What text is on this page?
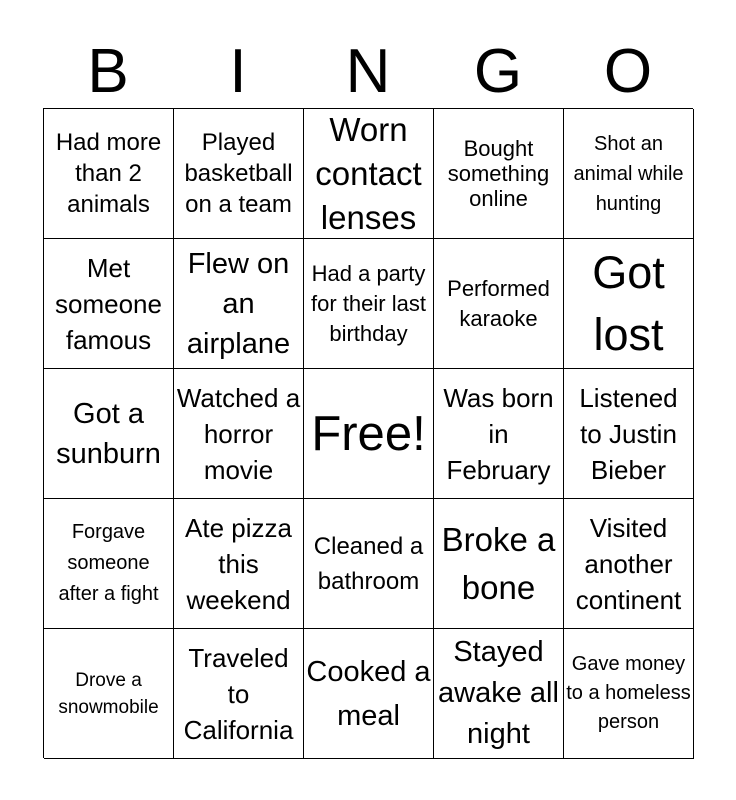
B	I	N	G	O
Had more than 2 animals
Played basketball on a team
Worn contact lenses
Bought something online
Shot an animal while hunting
Met someone famous
Flew on an airplane
Had a party for their last birthday
Performed karaoke
Got lost
Got a sunburn
Watched a horror movie
Free!
Was born in February
Listened to Justin Bieber
Forgave someone after a fight
Ate pizza this weekend
Cleaned a bathroom
Broke a bone
Visited another continent
Drove a snowmobile
Traveled to California
Cooked a meal
Stayed awake all night
Gave money to a homeless person
